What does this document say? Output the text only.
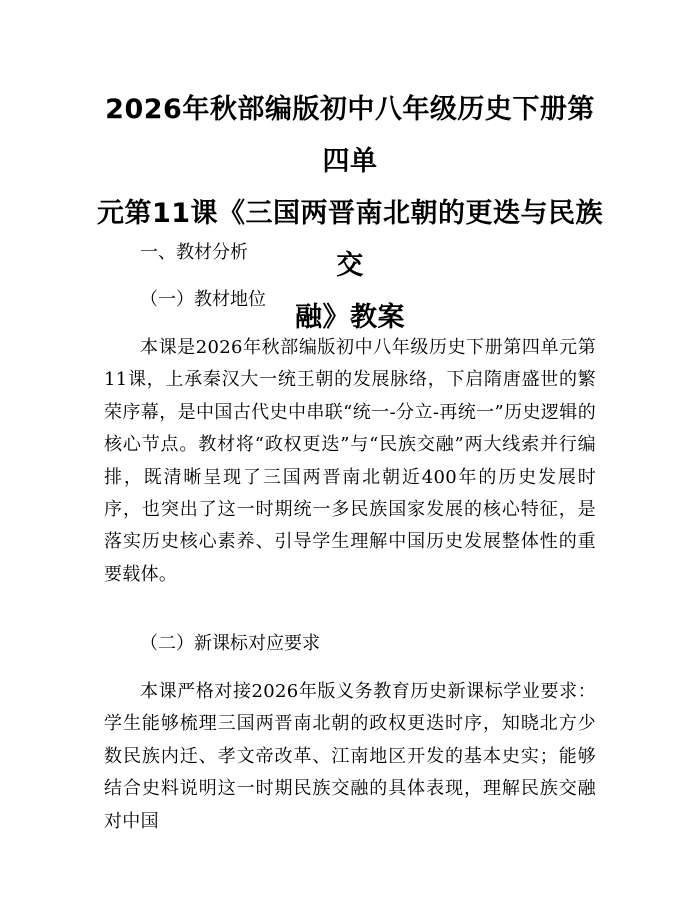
2026年秋部编版初中八年级历史下册第四单
元第11课《三国两晋南北朝的更迭与民族交
融》教案

一、教材分析

（一）教材地位

本课是2026年秋部编版初中八年级历史下册第四单元第11课，上承秦汉大一统王朝的发展脉络，下启隋唐盛世的繁荣序幕，是中国古代史中串联“统一-分立-再统一”历史逻辑的核心节点。教材将“政权更迭”与“民族交融”两大线索并行编排，既清晰呈现了三国两晋南北朝近400年的历史发展时序，也突出了这一时期统一多民族国家发展的核心特征，是落实历史核心素养、引导学生理解中国历史发展整体性的重要载体。

（二）新课标对应要求

本课严格对接2026年版义务教育历史新课标学业要求：学生能够梳理三国两晋南北朝的政权更迭时序，知晓北方少数民族内迁、孝文帝改革、江南地区开发的基本史实；能够结合史料说明这一时期民族交融的具体表现，理解民族交融对中国
